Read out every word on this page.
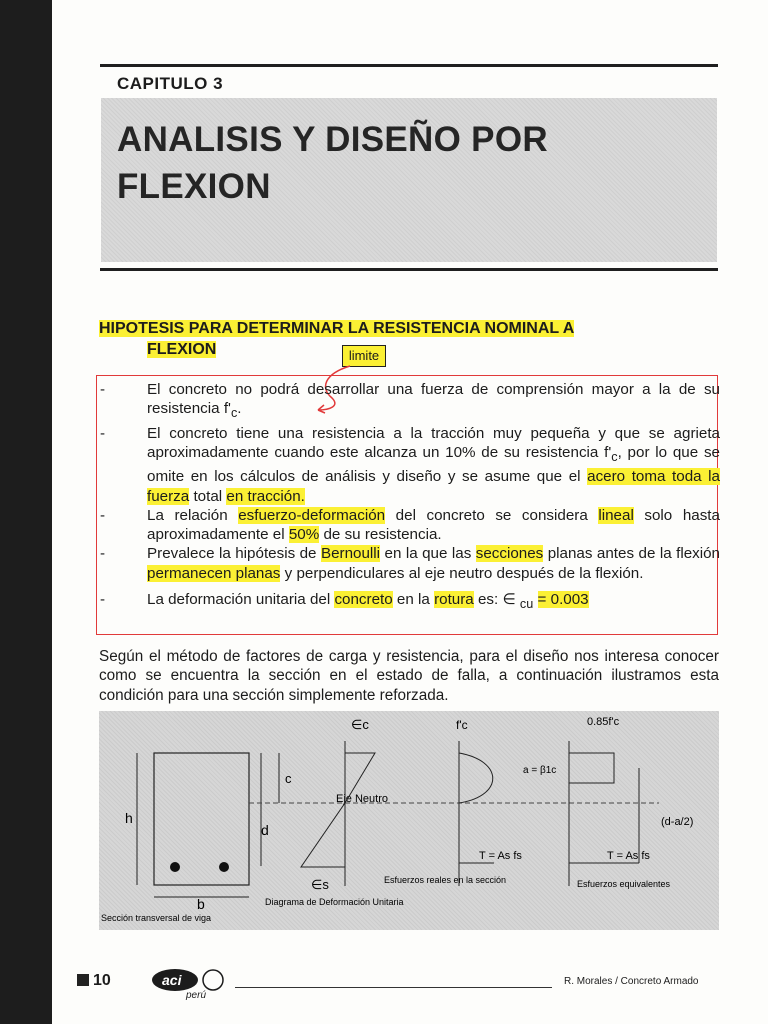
CAPITULO 3
ANALISIS Y DISEÑO POR
FLEXION
HIPOTESIS PARA DETERMINAR LA RESISTENCIA NOMINAL A
FLEXION	limite
-	El concreto no podrá desarrollar una fuerza de comprensión mayor a la de su resistencia $f'_c$.
-	El concreto tiene una resistencia a la tracción muy pequeña y que se agrieta aproximadamente cuando este alcanza un 10% de su resistencia $f'_c$, por lo que se omite en los cálculos de análisis y diseño y se asume que el acero toma toda la fuerza total en tracción.
-	La relación esfuerzo-deformación del concreto se considera lineal solo hasta aproximadamente el 50% de su resistencia.
-	Prevalece la hipótesis de Bernoulli en la que las secciones planas antes de la flexión permanecen planas y perpendiculares al eje neutro después de la flexión.
-	La deformación unitaria del concreto en la rotura es: ∈ $_{cu}$ = 0.003
Según el método de factores de carga y resistencia, para el diseño nos interesa conocer como se encuentra la sección en el estado de falla, a continuación ilustramos esta condición para una sección simplemente reforzada.
h
b
d
c
Eje Neutro
∈c
∈s
f'c
T = As fs
0.85f'c
a = β1c
(d-a/2)
T = As fs
Esfuerzos reales en la sección	Esfuerzos equivalentes
Diagrama de Deformación Unitaria
Sección transversal de viga
10	aci
perú
R. Morales / Concreto Armado
